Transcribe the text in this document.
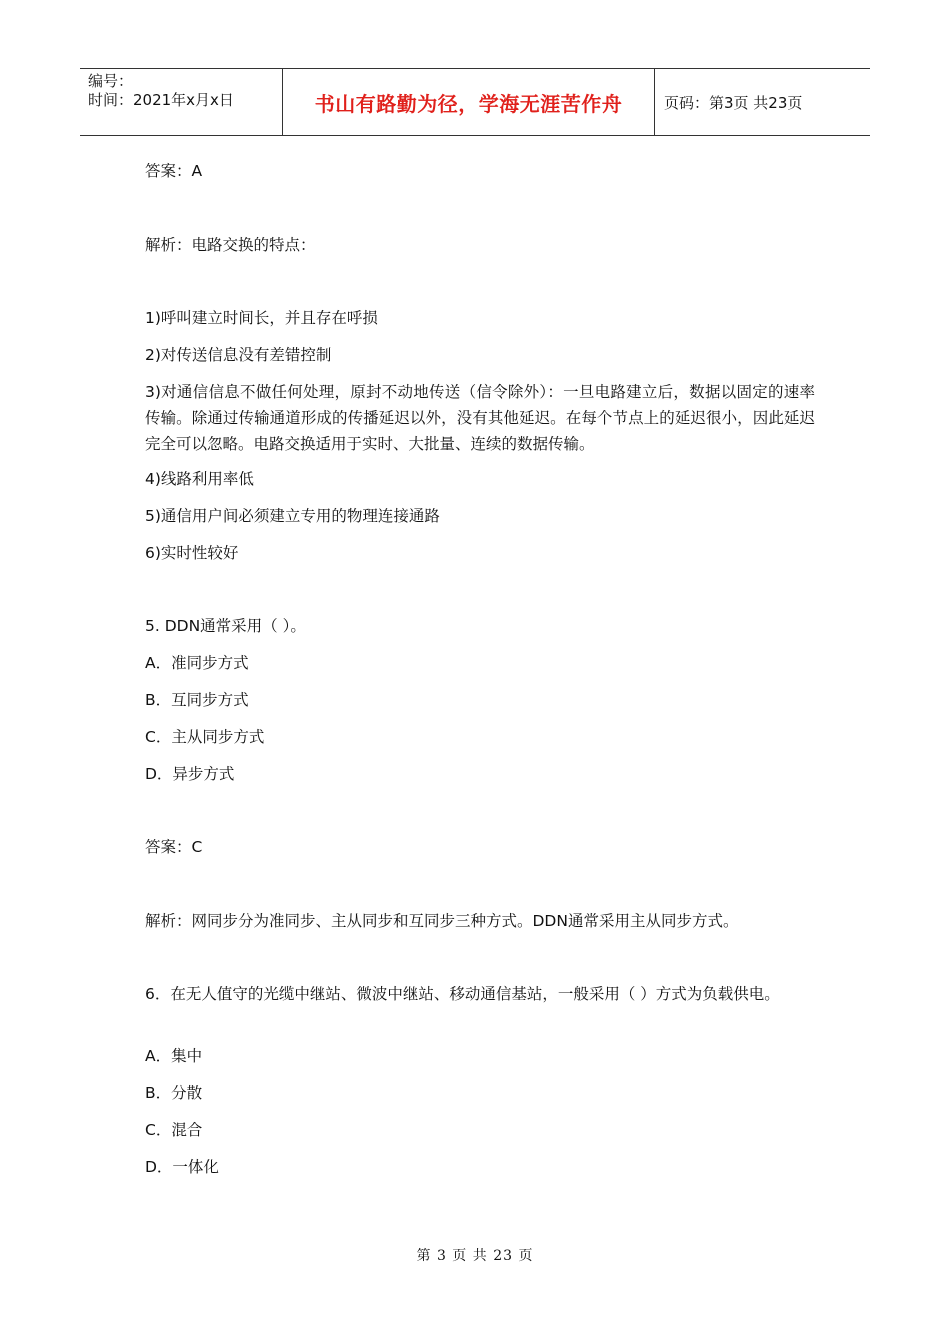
编号：
时间：2021年x月x日	书山有路勤为径，学海无涯苦作舟	页码：第3页 共23页
答案：A
解析：电路交换的特点：
1)呼叫建立时间长，并且存在呼损
2)对传送信息没有差错控制
3)对通信信息不做任何处理，原封不动地传送（信令除外）：一旦电路建立后，数据以固定的速率传输。除通过传输通道形成的传播延迟以外，没有其他延迟。在每个节点上的延迟很小，因此延迟完全可以忽略。电路交换适用于实时、大批量、连续的数据传输。
4)线路利用率低
5)通信用户间必须建立专用的物理连接通路
6)实时性较好
5. DDN通常采用（ ）。
A．准同步方式
B．互同步方式
C．主从同步方式
D．异步方式
答案：C
解析：网同步分为准同步、主从同步和互同步三种方式。DDN通常采用主从同步方式。
6．在无人值守的光缆中继站、微波中继站、移动通信基站，一般采用（ ）方式为负载供电。
A．集中
B．分散
C．混合
D．一体化
第 3 页 共 23 页
